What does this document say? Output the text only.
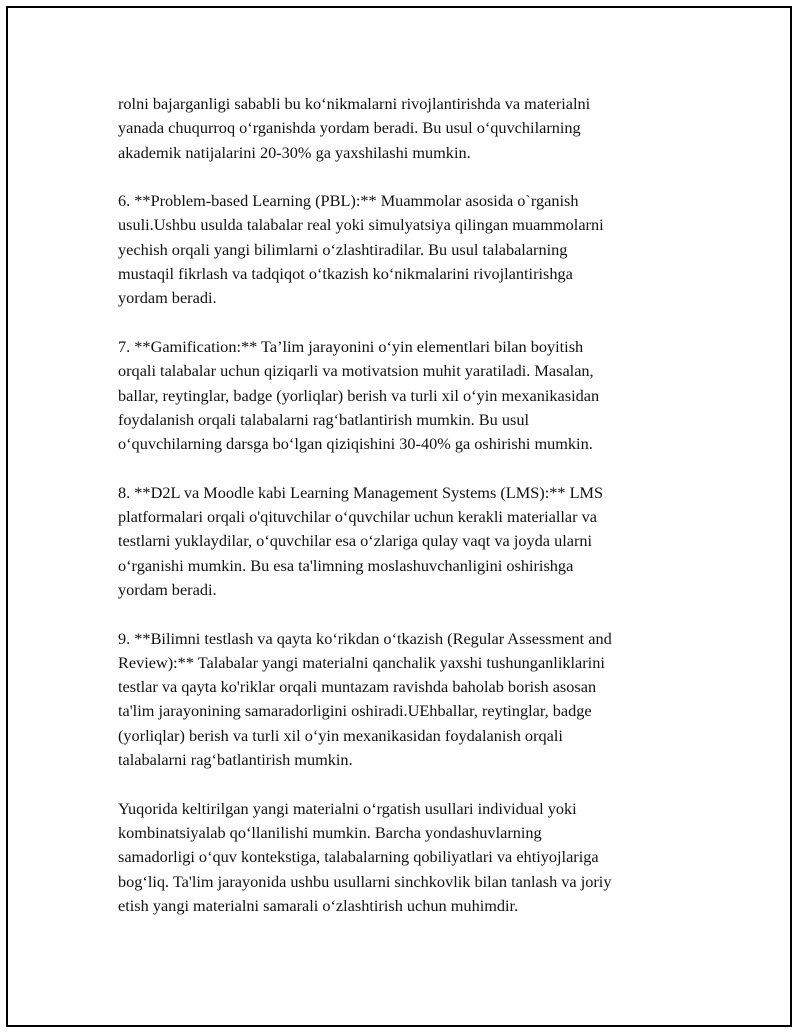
rolni bajarganligi sababli bu ko‘nikmalarni rivojlantirishda va materialni
yanada chuqurroq o‘rganishda yordam beradi. Bu usul o‘quvchilarning
akademik natijalarini 20-30% ga yaxshilashi mumkin.

6. **Problem-based Learning (PBL):** Muammolar asosida o`rganish
usuli.Ushbu usulda talabalar real yoki simulyatsiya qilingan muammolarni
yechish orqali yangi bilimlarni o‘zlashtiradilar. Bu usul talabalarning
mustaqil fikrlash va tadqiqot o‘tkazish ko‘nikmalarini rivojlantirishga
yordam beradi.

7. **Gamification:** Ta’lim jarayonini o‘yin elementlari bilan boyitish
orqali talabalar uchun qiziqarli va motivatsion muhit yaratiladi. Masalan,
ballar, reytinglar, badge (yorliqlar) berish va turli xil o‘yin mexanikasidan
foydalanish orqali talabalarni rag‘batlantirish mumkin. Bu usul
o‘quvchilarning darsga bo‘lgan qiziqishini 30-40% ga oshirishi mumkin.

8. **D2L va Moodle kabi Learning Management Systems (LMS):** LMS
platformalari orqali o'qituvchilar o‘quvchilar uchun kerakli materiallar va
testlarni yuklaydilar, o‘quvchilar esa o‘zlariga qulay vaqt va joyda ularni
o‘rganishi mumkin. Bu esa ta'limning moslashuvchanligini oshirishga
yordam beradi.

9. **Bilimni testlash va qayta ko‘rikdan o‘tkazish (Regular Assessment and
Review):** Talabalar yangi materialni qanchalik yaxshi tushunganliklarini
testlar va qayta ko'riklar orqali muntazam ravishda baholab borish asosan
ta'lim jarayonining samaradorligini oshiradi.UEhballar, reytinglar, badge
(yorliqlar) berish va turli xil o‘yin mexanikasidan foydalanish orqali
talabalarni rag‘batlantirish mumkin.

Yuqorida keltirilgan yangi materialni o‘rgatish usullari individual yoki
kombinatsiyalab qo‘llanilishi mumkin. Barcha yondashuvlarning
samadorligi o‘quv kontekstiga, talabalarning qobiliyatlari va ehtiyojlariga
bog‘liq. Ta'lim jarayonida ushbu usullarni sinchkovlik bilan tanlash va joriy
etish yangi materialni samarali o‘zlashtirish uchun muhimdir.
